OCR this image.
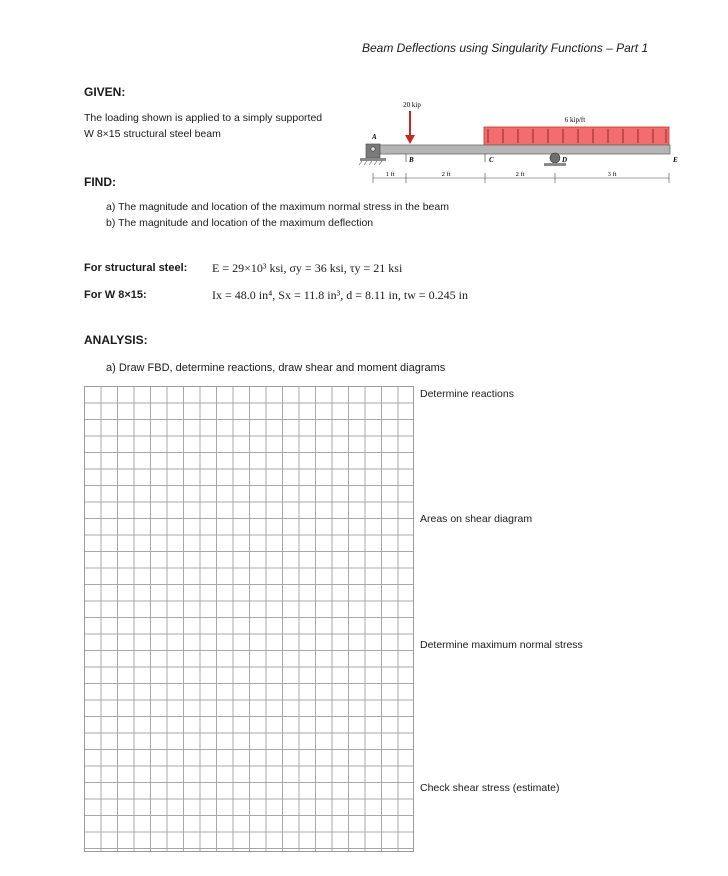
Beam Deflections using Singularity Functions – Part 1
GIVEN:
The loading shown is applied to a simply supported
W 8×15 structural steel beam
20 kip
6 kip/ft
A
B	C	D	E
1 ft	2 ft	2 ft	3 ft
FIND:
a) The magnitude and location of the maximum normal stress in the beam
b) The magnitude and location of the maximum deflection
For structural steel: E = 29×10³ ksi, σy = 36 ksi, τy = 21 ksi
For W 8×15:	Ix = 48.0 in⁴, Sx = 11.8 in³, d = 8.11 in, tw = 0.245 in
ANALYSIS:
a) Draw FBD, determine reactions, draw shear and moment diagrams
Determine reactions
Areas on shear diagram
Determine maximum normal stress
Check shear stress (estimate)
